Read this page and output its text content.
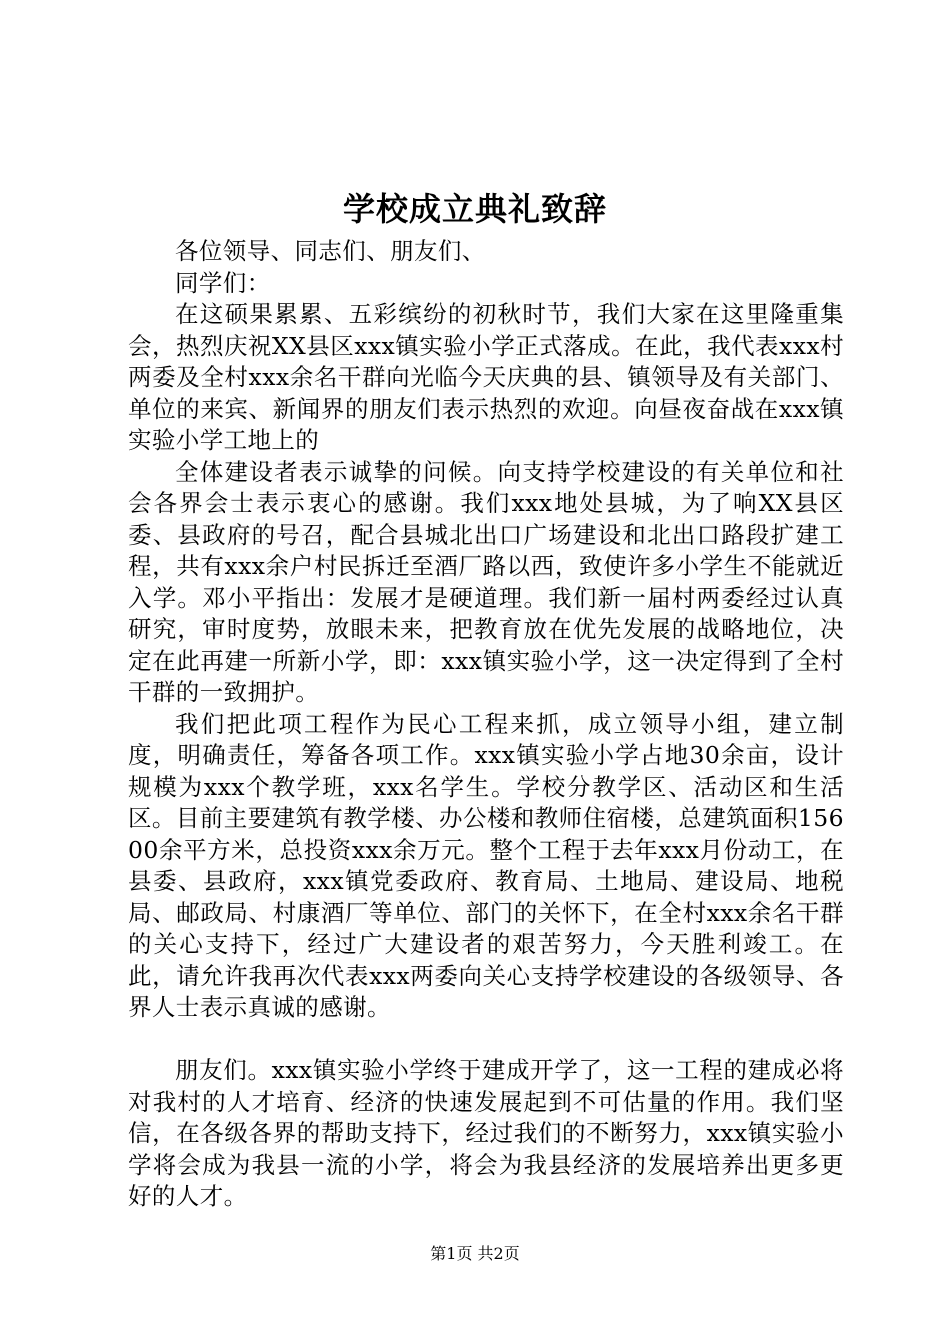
学校成立典礼致辞

各位领导、同志们、朋友们、

同学们：

在这硕果累累、五彩缤纷的初秋时节，我们大家在这里隆重集会，热烈庆祝XX县区xxx镇实验小学正式落成。在此，我代表xxx村两委及全村xxx余名干群向光临今天庆典的县、镇领导及有关部门、单位的来宾、新闻界的朋友们表示热烈的欢迎。向昼夜奋战在xxx镇实验小学工地上的

全体建设者表示诚挚的问候。向支持学校建设的有关单位和社会各界会士表示衷心的感谢。我们xxx地处县城，为了响XX县区委、县政府的号召，配合县城北出口广场建设和北出口路段扩建工程，共有xxx余户村民拆迁至酒厂路以西，致使许多小学生不能就近入学。邓小平指出：发展才是硬道理。我们新一届村两委经过认真研究，审时度势，放眼未来，把教育放在优先发展的战略地位，决定在此再建一所新小学，即：xxx镇实验小学，这一决定得到了全村干群的一致拥护。

我们把此项工程作为民心工程来抓，成立领导小组，建立制度，明确责任，筹备各项工作。xxx镇实验小学占地30余亩，设计规模为xxx个教学班，xxx名学生。学校分教学区、活动区和生活区。目前主要建筑有教学楼、办公楼和教师住宿楼，总建筑面积15600余平方米，总投资xxx余万元。整个工程于去年xxx月份动工，在县委、县政府，xxx镇党委政府、教育局、土地局、建设局、地税局、邮政局、村康酒厂等单位、部门的关怀下，在全村xxx余名干群的关心支持下，经过广大建设者的艰苦努力，今天胜利竣工。在此，请允许我再次代表xxx两委向关心支持学校建设的各级领导、各界人士表示真诚的感谢。

朋友们。xxx镇实验小学终于建成开学了，这一工程的建成必将对我村的人才培育、经济的快速发展起到不可估量的作用。我们坚信，在各级各界的帮助支持下，经过我们的不断努力，xxx镇实验小学将会成为我县一流的小学，将会为我县经济的发展培养出更多更好的人才。

第1页 共2页
